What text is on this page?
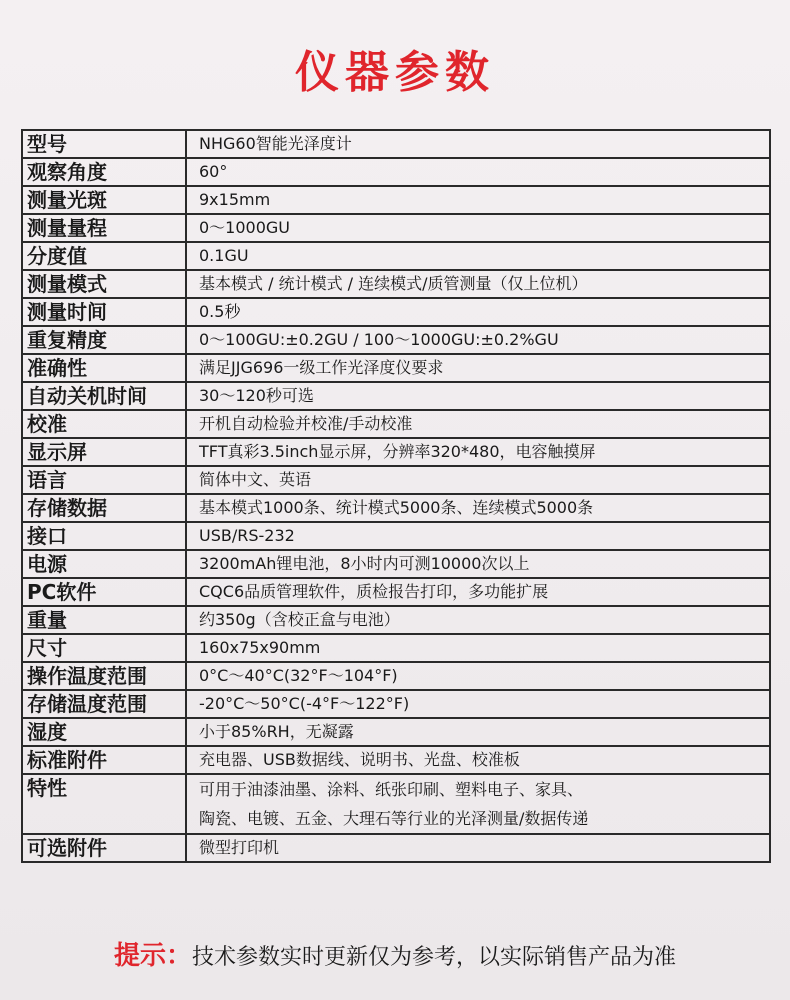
仪器参数
型号	NHG60智能光泽度计
观察角度	60°
测量光斑	9x15mm
测量量程	0～1000GU
分度值	0.1GU
测量模式	基本模式 / 统计模式 / 连续模式/质管测量（仅上位机）
测量时间	0.5秒
重复精度	0～100GU:±0.2GU / 100～1000GU:±0.2%GU
准确性	满足JJG696一级工作光泽度仪要求
自动关机时间	30～120秒可选
校准	开机自动检验并校准/手动校准
显示屏	TFT真彩3.5inch显示屏，分辨率320*480，电容触摸屏
语言	简体中文、英语
存储数据	基本模式1000条、统计模式5000条、连续模式5000条
接口	USB/RS-232
电源	3200mAh锂电池，8小时内可测10000次以上
PC软件	CQC6品质管理软件，质检报告打印，多功能扩展
重量	约350g（含校正盒与电池）
尺寸	160x75x90mm
操作温度范围	0°C～40°C(32°F～104°F)
存储温度范围	-20°C～50°C(-4°F～122°F)
湿度	小于85%RH，无凝露
标准附件	充电器、USB数据线、说明书、光盘、校准板
特性	可用于油漆油墨、涂料、纸张印刷、塑料电子、家具、
陶瓷、电镀、五金、大理石等行业的光泽测量/数据传递

可选附件	微型打印机
提示：技术参数实时更新仅为参考，以实际销售产品为准
